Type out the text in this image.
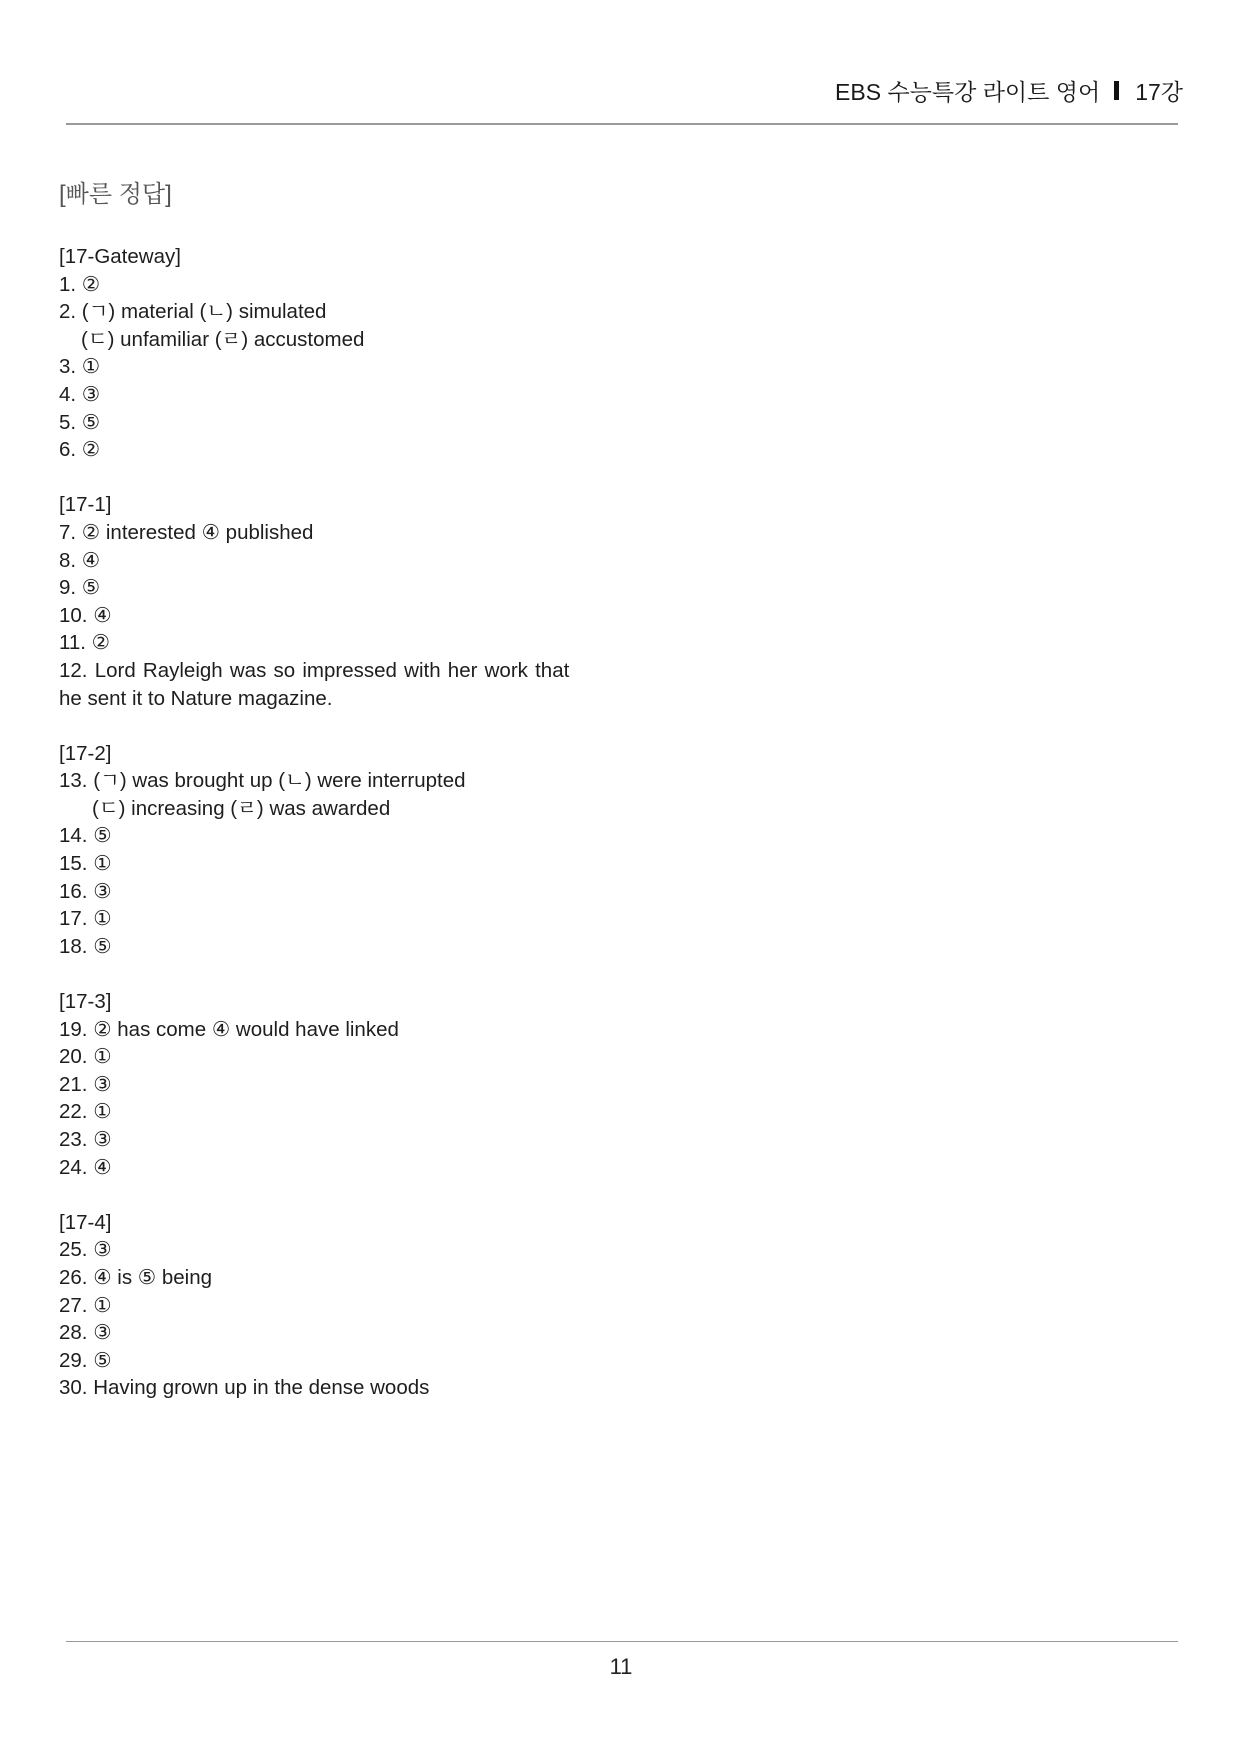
EBS 수능특강 라이트 영어 17강
[빠른 정답]
[17-Gateway]
1. ②
2. (ㄱ) material (ㄴ) simulated
(ㄷ) unfamiliar (ㄹ) accustomed
3. ①
4. ③
5. ⑤
6. ②
[17-1]
7. ② interested ④ published
8. ④
9. ⑤
10. ④
11. ②
12. Lord Rayleigh was so impressed with her work that
he sent it to Nature magazine.
[17-2]
13. (ㄱ) was brought up (ㄴ) were interrupted
(ㄷ) increasing (ㄹ) was awarded
14. ⑤
15. ①
16. ③
17. ①
18. ⑤
[17-3]
19. ② has come ④ would have linked
20. ①
21. ③
22. ①
23. ③
24. ④
[17-4]
25. ③
26. ④ is ⑤ being
27. ①
28. ③
29. ⑤
30. Having grown up in the dense woods
11
